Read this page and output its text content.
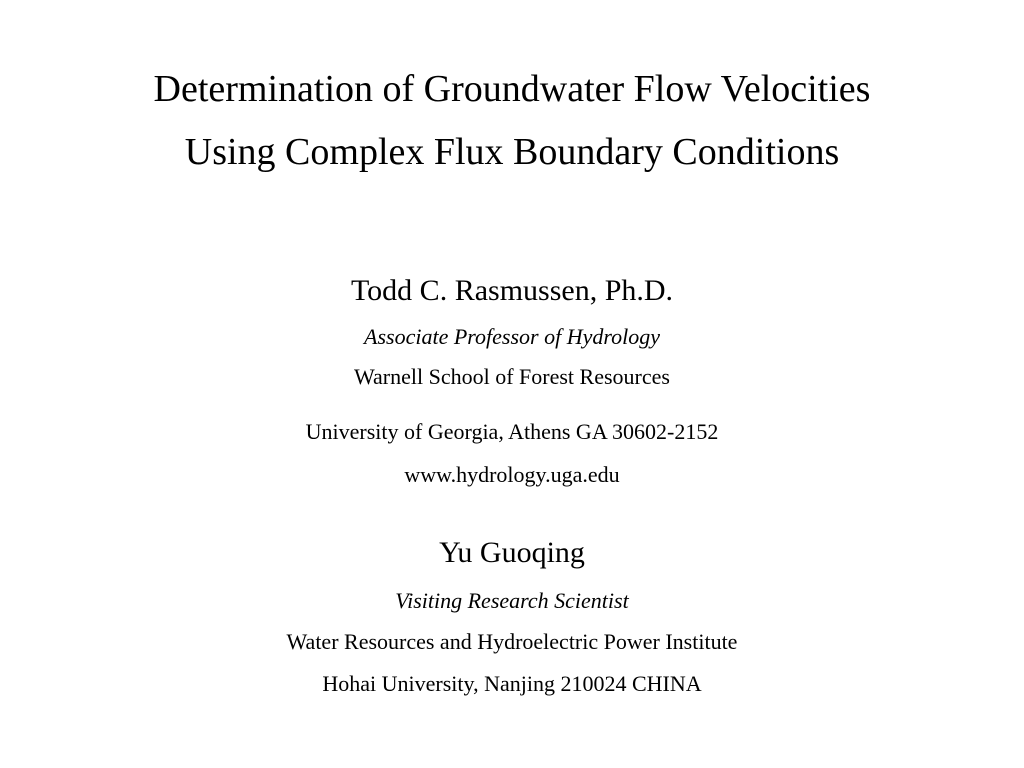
Determination of Groundwater Flow Velocities
Using Complex Flux Boundary Conditions
Todd C. Rasmussen, Ph.D.
Associate Professor of Hydrology
Warnell School of Forest Resources
University of Georgia, Athens GA 30602-2152
www.hydrology.uga.edu
Yu Guoqing
Visiting Research Scientist
Water Resources and Hydroelectric Power Institute
Hohai University, Nanjing 210024 CHINA
